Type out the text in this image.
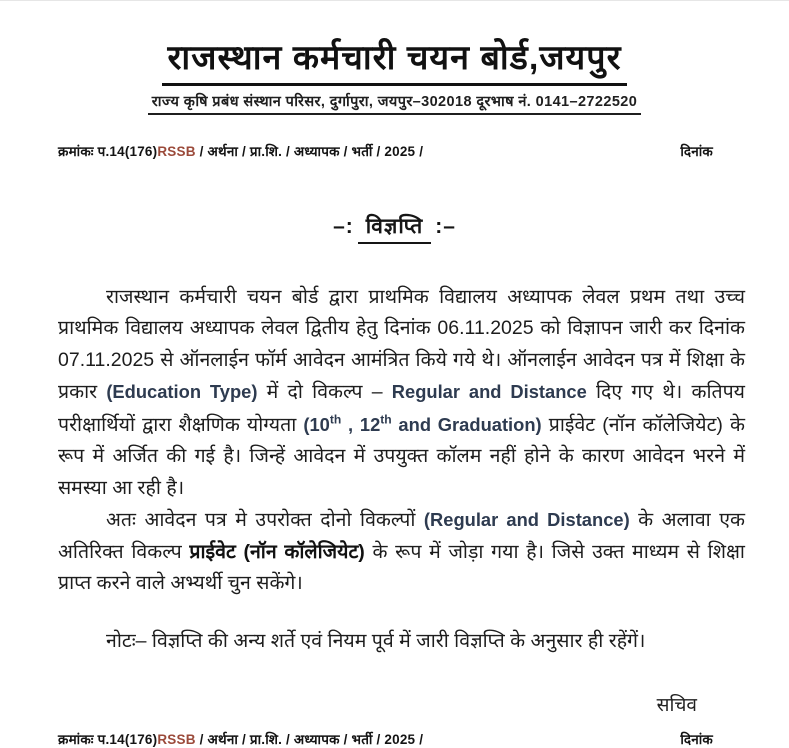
राजस्थान कर्मचारी चयन बोर्ड,जयपुर
राज्य कृषि प्रबंध संस्थान परिसर, दुर्गापुरा, जयपुर–302018 दूरभाष नं. 0141–2722520
क्रमांकः प.14(176)RSSB / अर्थना / प्रा.शि. / अध्यापक / भर्ती / 2025 /	दिनांक
–: विज्ञप्ति :–

राजस्थान कर्मचारी चयन बोर्ड द्वारा प्राथमिक विद्यालय अध्यापक लेवल प्रथम तथा उच्च प्राथमिक विद्यालय अध्यापक लेवल द्वितीय हेतु दिनांक 06.11.2025 को विज्ञापन जारी कर दिनांक 07.11.2025 से ऑनलाईन फॉर्म आवेदन आमंत्रित किये गये थे। ऑनलाईन आवेदन पत्र में शिक्षा के प्रकार (Education Type) में दो विकल्प – Regular and Distance दिए गए थे। कतिपय परीक्षार्थियों द्वारा शैक्षणिक योग्यता (10th , 12th and Graduation) प्राईवेट (नॉन कॉलेजियेट) के रूप में अर्जित की गई है। जिन्हें आवेदन में उपयुक्त कॉलम नहीं होने के कारण आवेदन भरने में समस्या आ रही है।

अतः आवेदन पत्र मे उपरोक्त दोनो विकल्पों (Regular and Distance) के अलावा एक अतिरिक्त विकल्प प्राईवेट (नॉन कॉलेजियेट) के रूप में जोड़ा गया है। जिसे उक्त माध्यम से शिक्षा प्राप्त करने वाले अभ्यर्थी चुन सकेंगे।

नोटः– विज्ञप्ति की अन्य शर्ते एवं नियम पूर्व में जारी विज्ञप्ति के अनुसार ही रहेंगें।

सचिव
क्रमांकः प.14(176)RSSB / अर्थना / प्रा.शि. / अध्यापक / भर्ती / 2025 /	दिनांक
